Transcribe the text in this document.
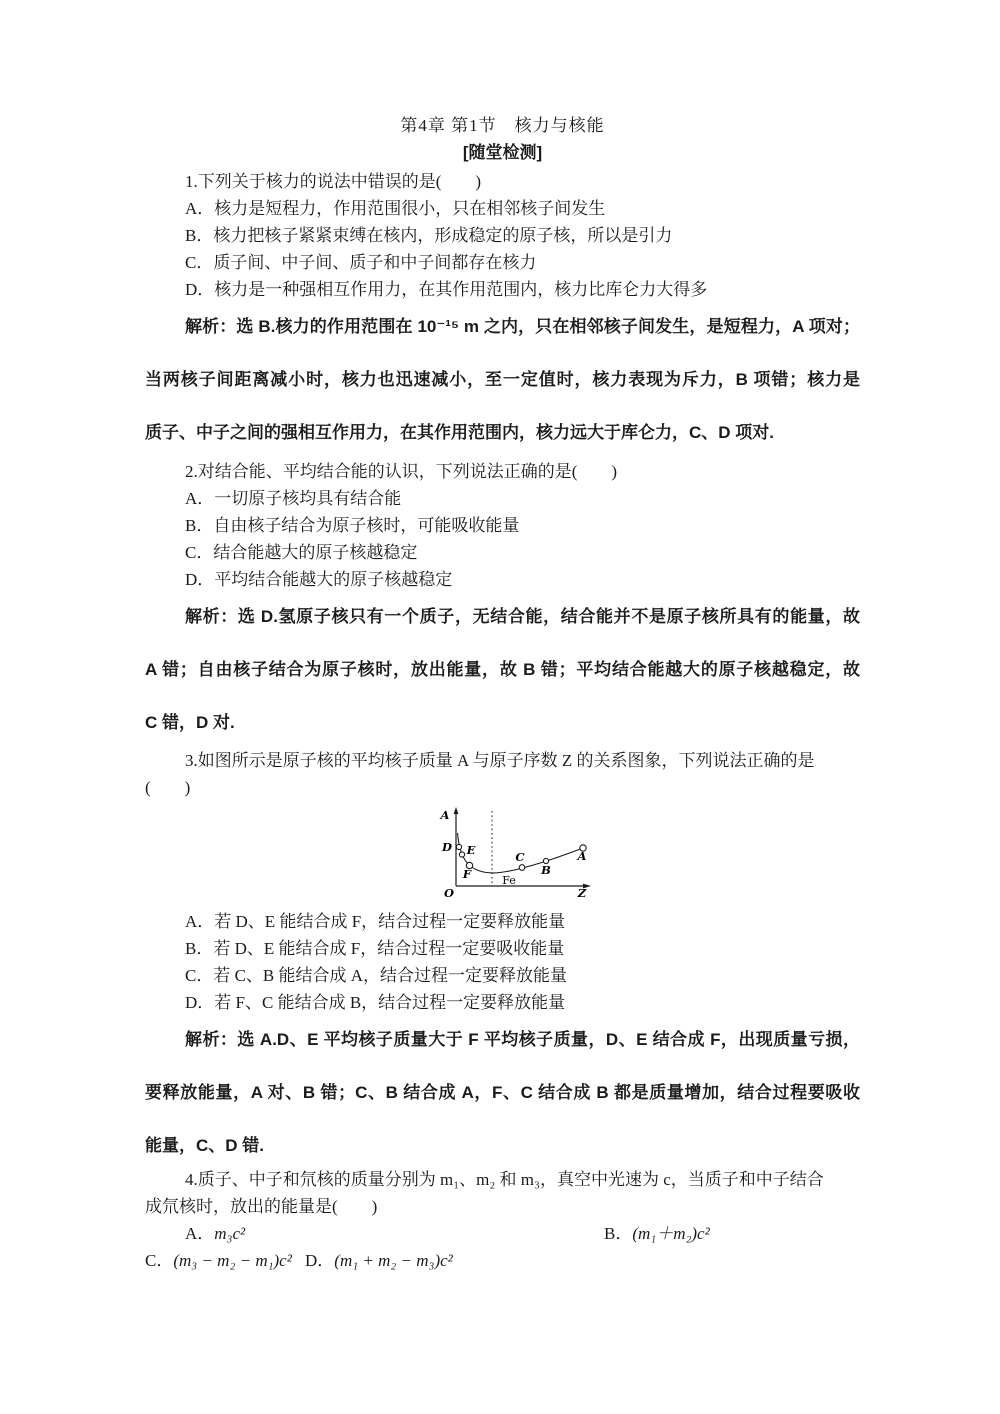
第4章 第1节　核力与核能
[随堂检测]
1.下列关于核力的说法中错误的是(　　)
A．核力是短程力，作用范围很小，只在相邻核子间发生
B．核力把核子紧紧束缚在核内，形成稳定的原子核，所以是引力
C．质子间、中子间、质子和中子间都存在核力
D．核力是一种强相互作用力，在其作用范围内，核力比库仑力大得多
解析：选 B.核力的作用范围在 10⁻¹⁵ m 之内，只在相邻核子间发生，是短程力，A 项对；
当两核子间距离减小时，核力也迅速减小，至一定值时，核力表现为斥力，B 项错；核力是
质子、中子之间的强相互作用力，在其作用范围内，核力远大于库仑力，C、D 项对.
2.对结合能、平均结合能的认识，下列说法正确的是(　　)
A．一切原子核均具有结合能
B．自由核子结合为原子核时，可能吸收能量
C．结合能越大的原子核越稳定
D．平均结合能越大的原子核越稳定
解析：选 D.氢原子核只有一个质子，无结合能，结合能并不是原子核所具有的能量，故
A 错；自由核子结合为原子核时，放出能量，故 B 错；平均结合能越大的原子核越稳定，故
C 错，D 对.
3.如图所示是原子核的平均核子质量 A 与原子序数 Z 的关系图象，下列说法正确的是
(　　)
A
Z
O
Fe
D E
F
C
B
A
A．若 D、E 能结合成 F，结合过程一定要释放能量
B．若 D、E 能结合成 F，结合过程一定要吸收能量
C．若 C、B 能结合成 A，结合过程一定要释放能量
D．若 F、C 能结合成 B，结合过程一定要释放能量
解析：选 A.D、E 平均核子质量大于 F 平均核子质量，D、E 结合成 F，出现质量亏损，
要释放能量，A 对、B 错；C、B 结合成 A，F、C 结合成 B 都是质量增加，结合过程要吸收
能量，C、D 错.
4.质子、中子和氘核的质量分别为 m₁、m₂ 和 m₃，真空中光速为 c，当质子和中子结合
成氘核时，放出的能量是(　　)
A．m₃c²	B．(m₁＋m₂)c²
C．(m₃ − m₂ − m₁)c² D．(m₁ + m₂ − m₃)c²
